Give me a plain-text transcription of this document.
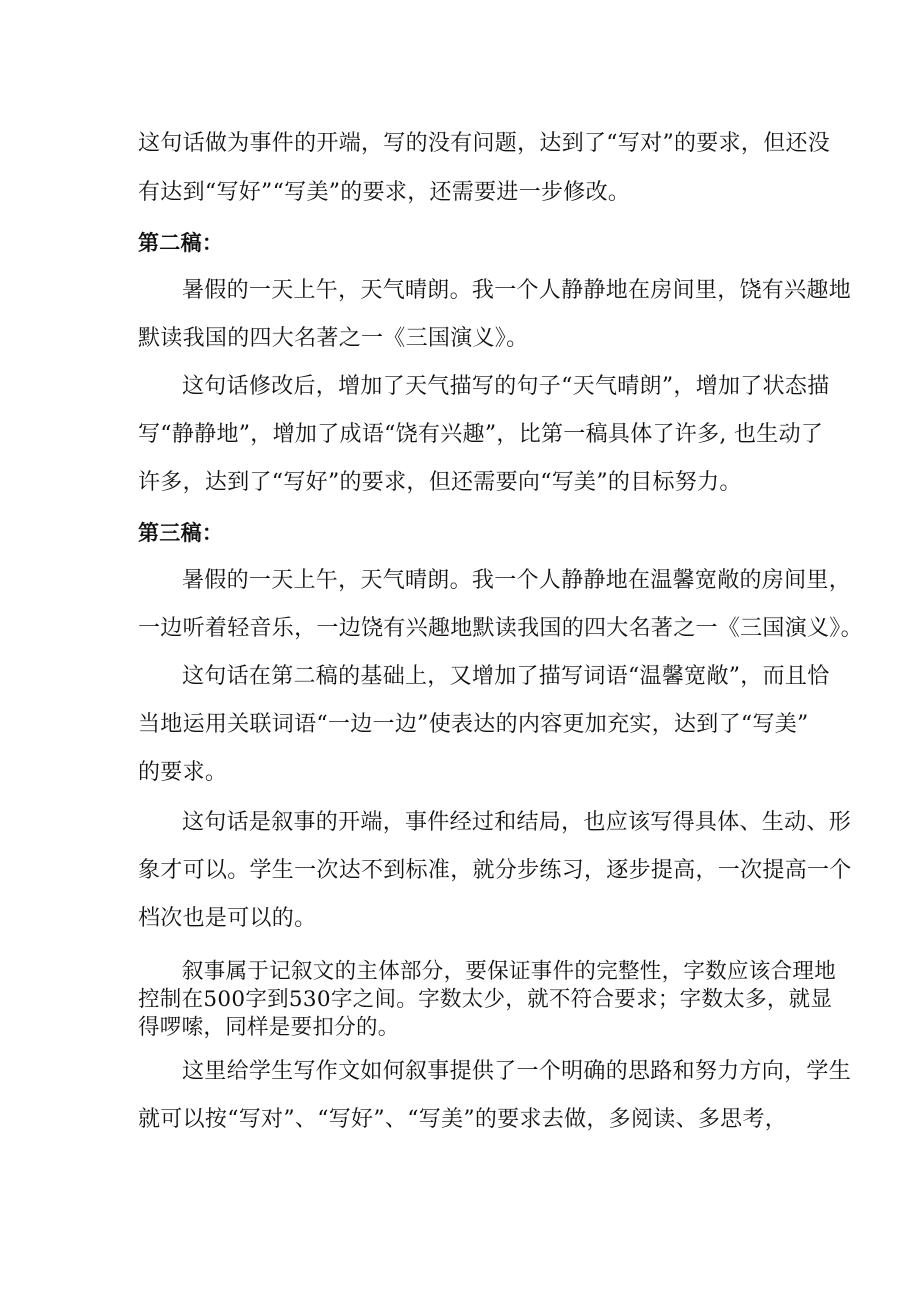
这句话做为事件的开端，写的没有问题，达到了“写对”的要求，但还没
有达到“写好”“写美”的要求，还需要进一步修改。
第二稿：
暑假的一天上午，天气晴朗。我一个人静静地在房间里，饶有兴趣地
默读我国的四大名著之一《三国演义》。
这句话修改后，增加了天气描写的句子“天气晴朗”，增加了状态描
写“静静地”，增加了成语“饶有兴趣”，比第一稿具体了许多, 也生动了
许多，达到了“写好”的要求，但还需要向“写美”的目标努力。
第三稿：
暑假的一天上午，天气晴朗。我一个人静静地在温馨宽敞的房间里，
一边听着轻音乐，一边饶有兴趣地默读我国的四大名著之一《三国演义》。
这句话在第二稿的基础上，又增加了描写词语“温馨宽敞”，而且恰
当地运用关联词语“一边一边”使表达的内容更加充实，达到了“写美”
的要求。
这句话是叙事的开端，事件经过和结局，也应该写得具体、生动、形
象才可以。学生一次达不到标准，就分步练习，逐步提高，一次提高一个
档次也是可以的。
叙事属于记叙文的主体部分，要保证事件的完整性，字数应该合理地
控制在500字到530字之间。字数太少，就不符合要求；字数太多，就显
得啰嗦，同样是要扣分的。
这里给学生写作文如何叙事提供了一个明确的思路和努力方向，学生
就可以按“写对”、“写好”、“写美”的要求去做，多阅读、多思考，
